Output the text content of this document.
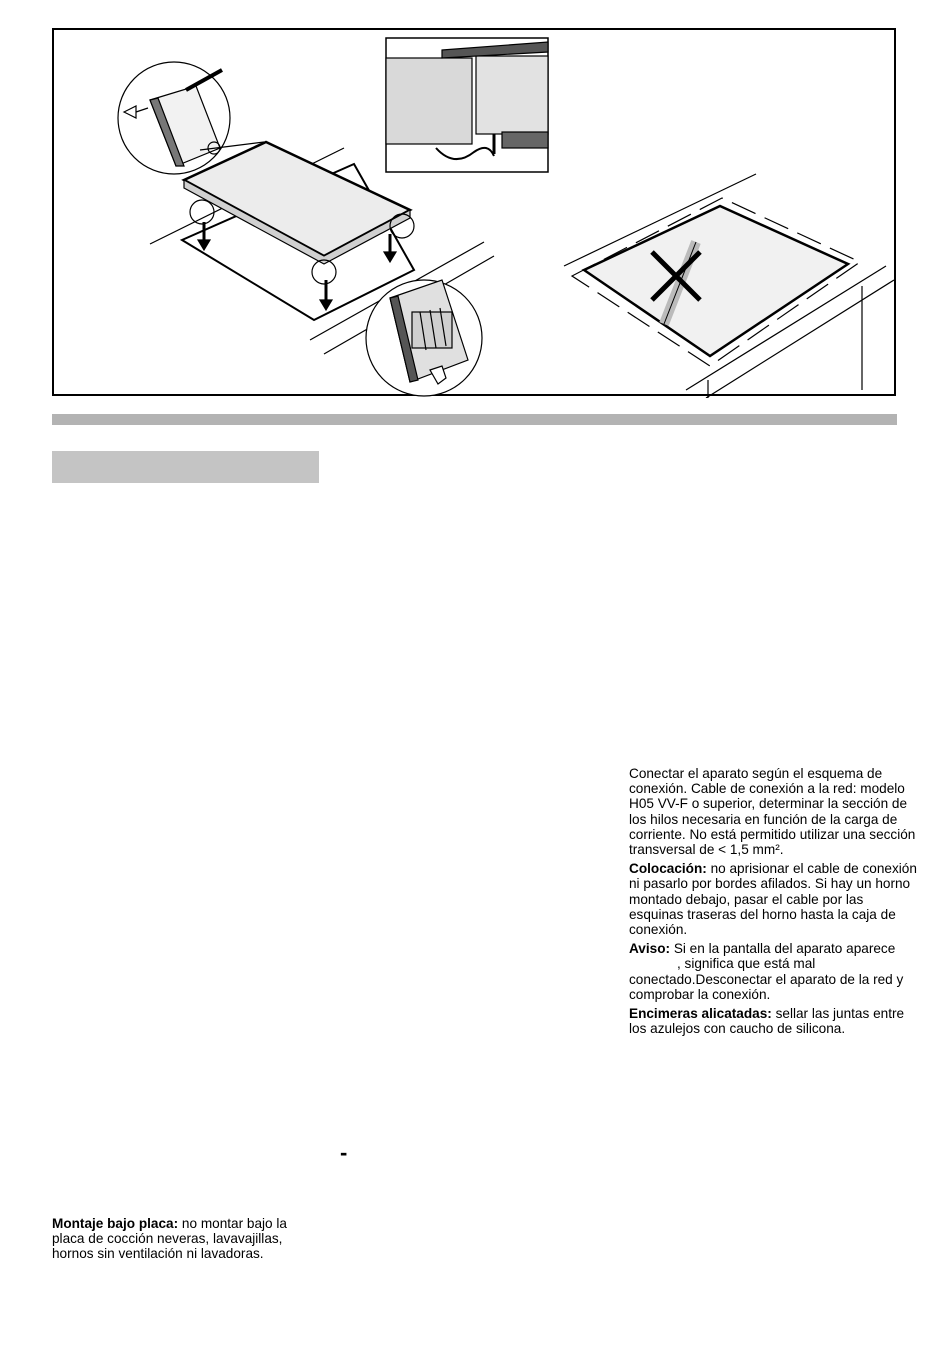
Conectar el aparato según el esquema de conexión. Cable de conexión a la red: modelo H05 VV-F o superior, determinar la sección de los hilos necesaria en función de la carga de corriente. No está permitido utilizar una sección transversal de < 1,5 mm².

Colocación: no aprisionar el cable de conexión ni pasarlo por bordes afilados. Si hay un horno montado debajo, pasar el cable por las esquinas traseras del horno hasta la caja de conexión.

Aviso: Si en la pantalla del aparato aparece, significa que está mal conectado.Desconectar el aparato de la red y comprobar la conexión.

Encimeras alicatadas: sellar las juntas entre los azulejos con caucho de silicona.

-

Montaje bajo placa: no montar bajo la placa de cocción neveras, lavavajillas, hornos sin ventilación ni lavadoras.
